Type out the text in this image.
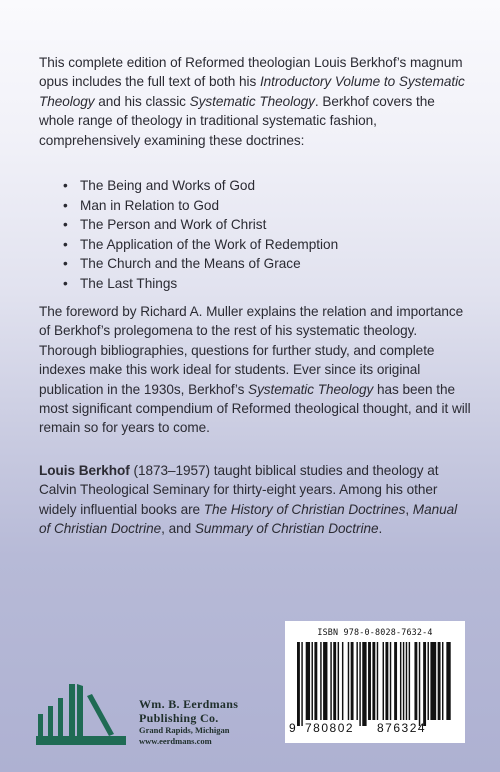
This complete edition of Reformed theologian Louis Berkhof’s magnum opus includes the full text of both his Introductory Volume to Systematic Theology and his classic Systematic Theology. Berkhof covers the whole range of theology in traditional systematic fashion, comprehensively examining these doctrines:

• The Being and Works of God
• Man in Relation to God
• The Person and Work of Christ
• The Application of the Work of Redemption
• The Church and the Means of Grace
• The Last Things

The foreword by Richard A. Muller explains the relation and importance of Berkhof’s prolegomena to the rest of his systematic theology. Thorough bibliographies, questions for further study, and complete indexes make this work ideal for students. Ever since its original publication in the 1930s, Berkhof’s Systematic Theology has been the most significant compendium of Reformed theological thought, and it will remain so for years to come.

Louis Berkhof (1873–1957) taught biblical studies and theology at Calvin Theological Seminary for thirty-eight years. Among his other widely influential books are The History of Christian Doctrines, Manual of Christian Doctrine, and Summary of Christian Doctrine.

Wm. B. Eerdmans
Publishing Co.
Grand Rapids, Michigan
www.eerdmans.com
ISBN 978-0-8028-7632-4
9 780802 876324
